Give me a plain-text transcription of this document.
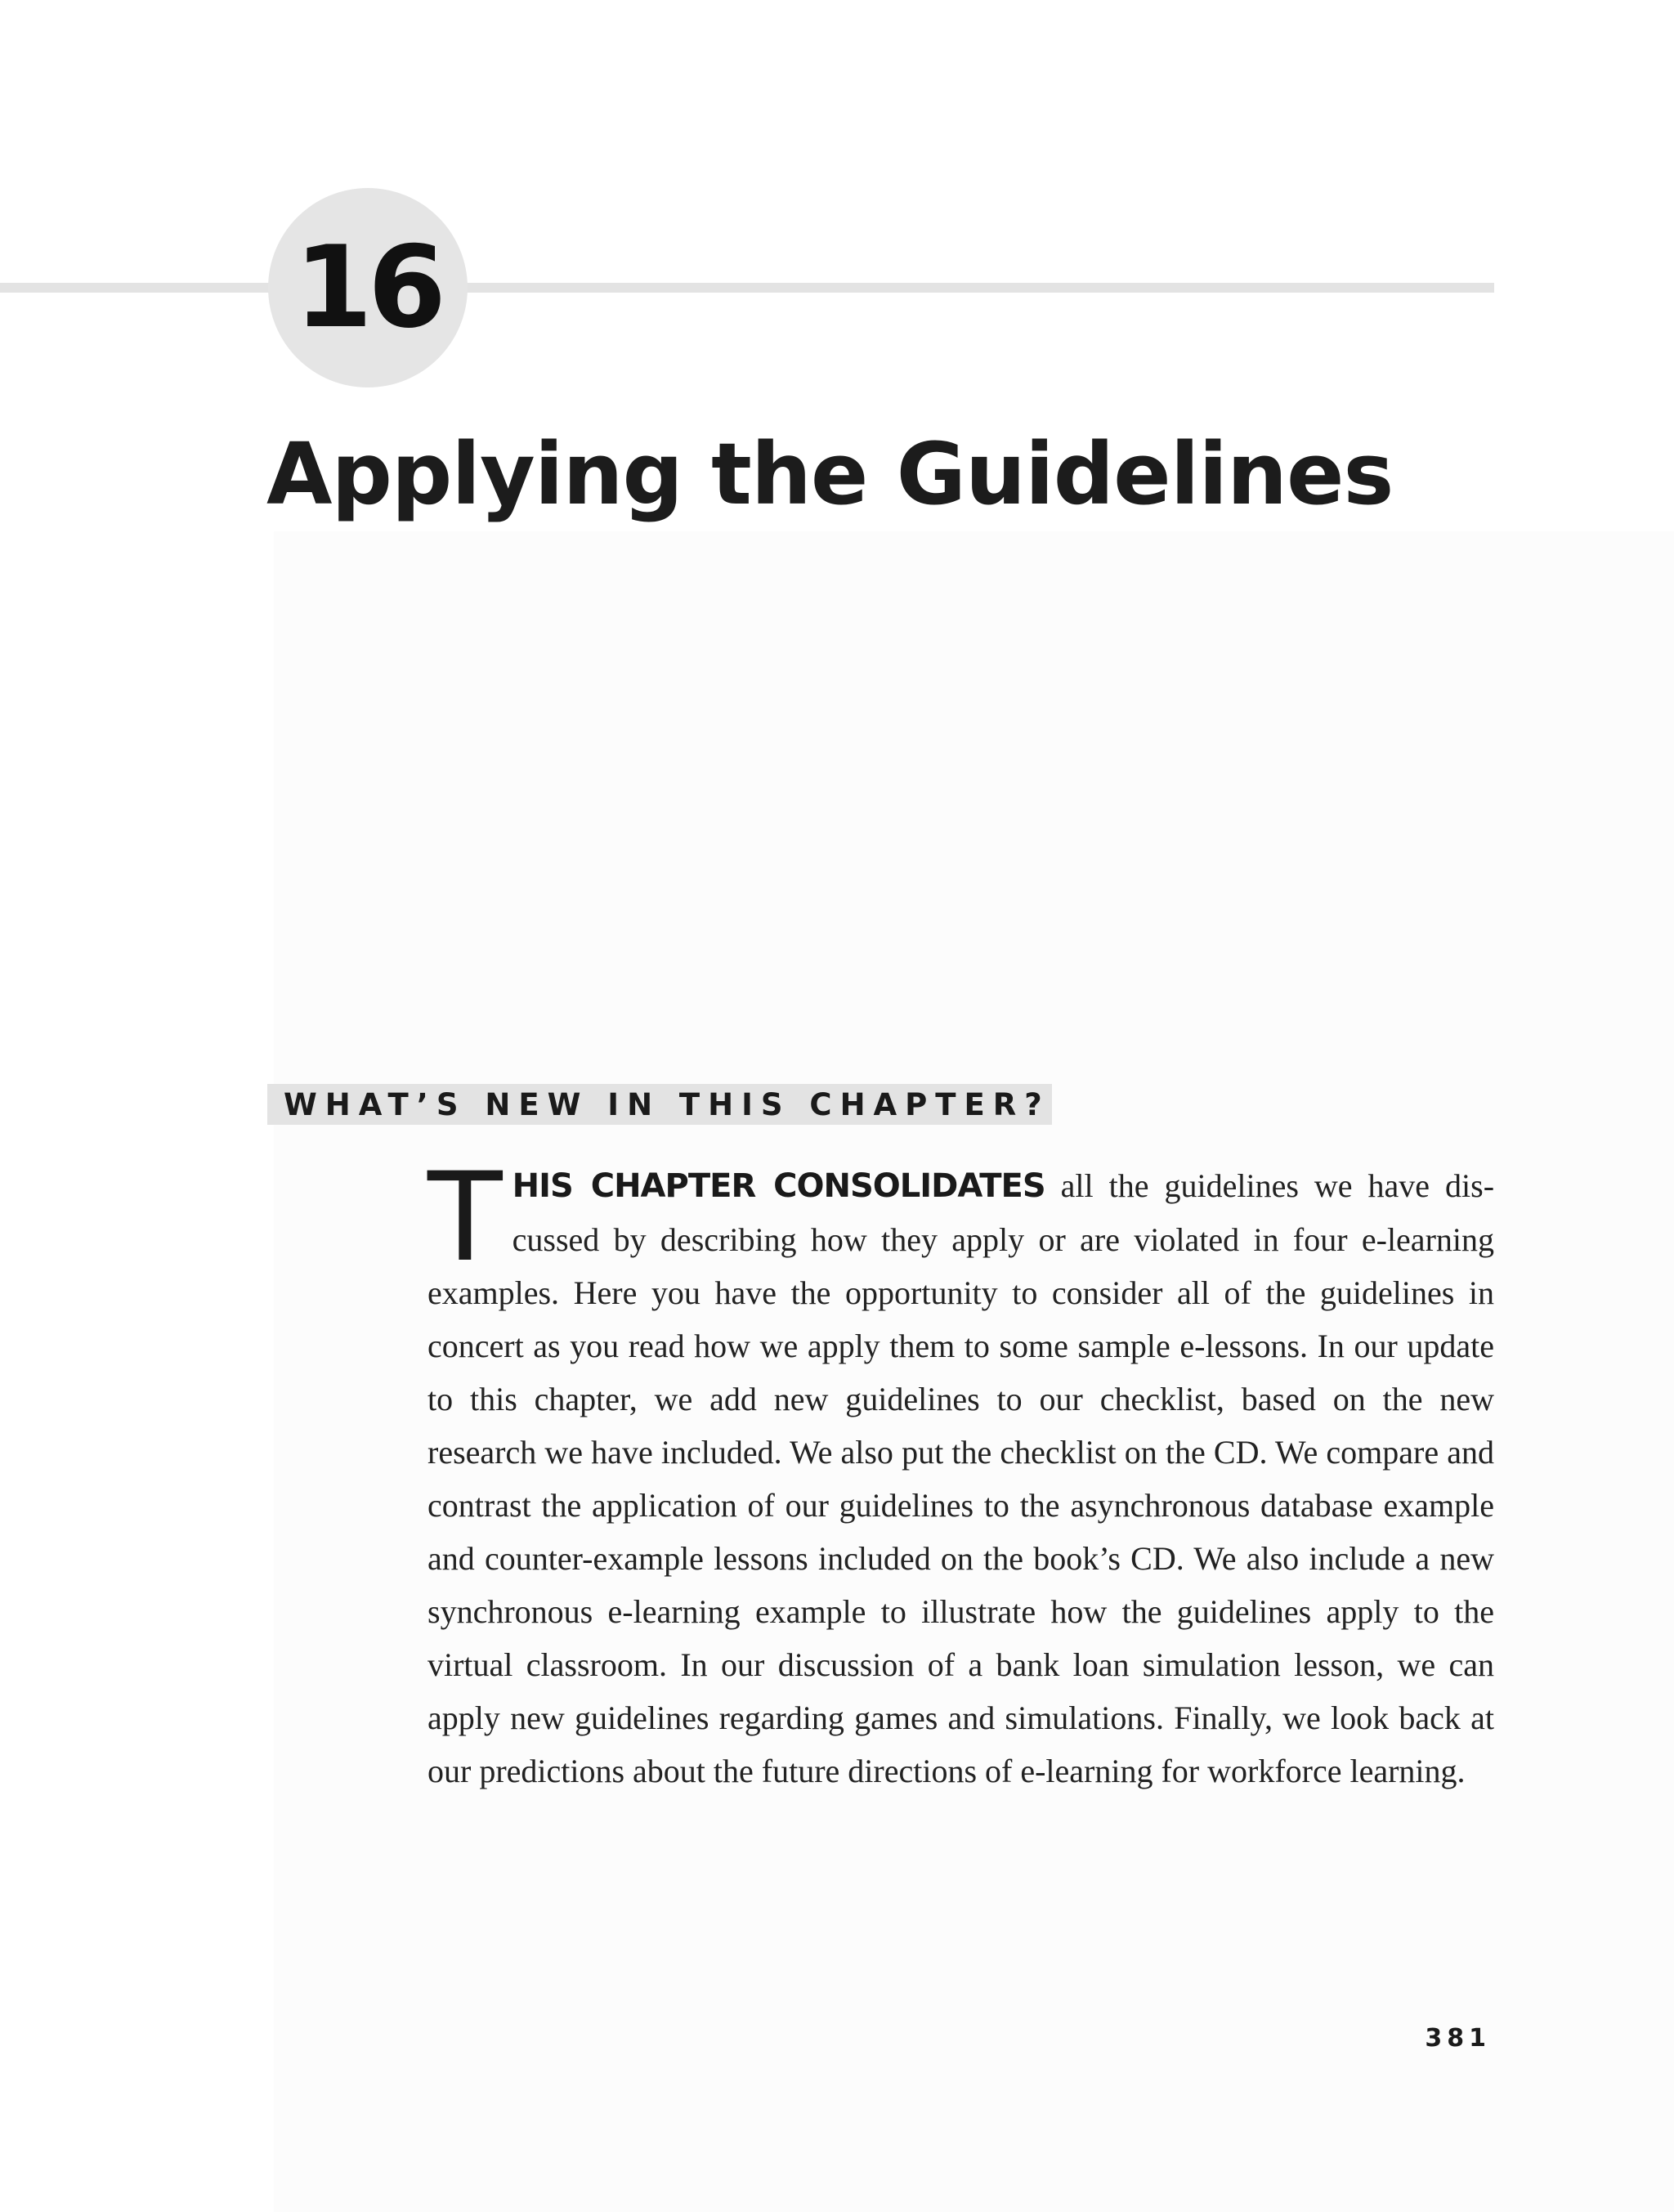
16
Applying the Guidelines
WHAT’S NEW IN THIS CHAPTER?

THIS CHAPTER CONSOLIDATES all the guidelines we have discussed by describing how they apply or are violated in four e-learning examples. Here you have the opportunity to consider all of the guidelines in concert as you read how we apply them to some sample e-lessons. In our update to this chapter, we add new guidelines to our checklist, based on the new research we have included. We also put the checklist on the CD. We compare and contrast the application of our guidelines to the asynchronous database example and counter-example lessons included on the book’s CD. We also include a new synchronous e-learning example to illustrate how the guidelines apply to the virtual classroom. In our discussion of a bank loan simulation lesson, we can apply new guidelines regarding games and simulations. Finally, we look back at our predictions about the future directions of e-learning for workforce learning.

381
